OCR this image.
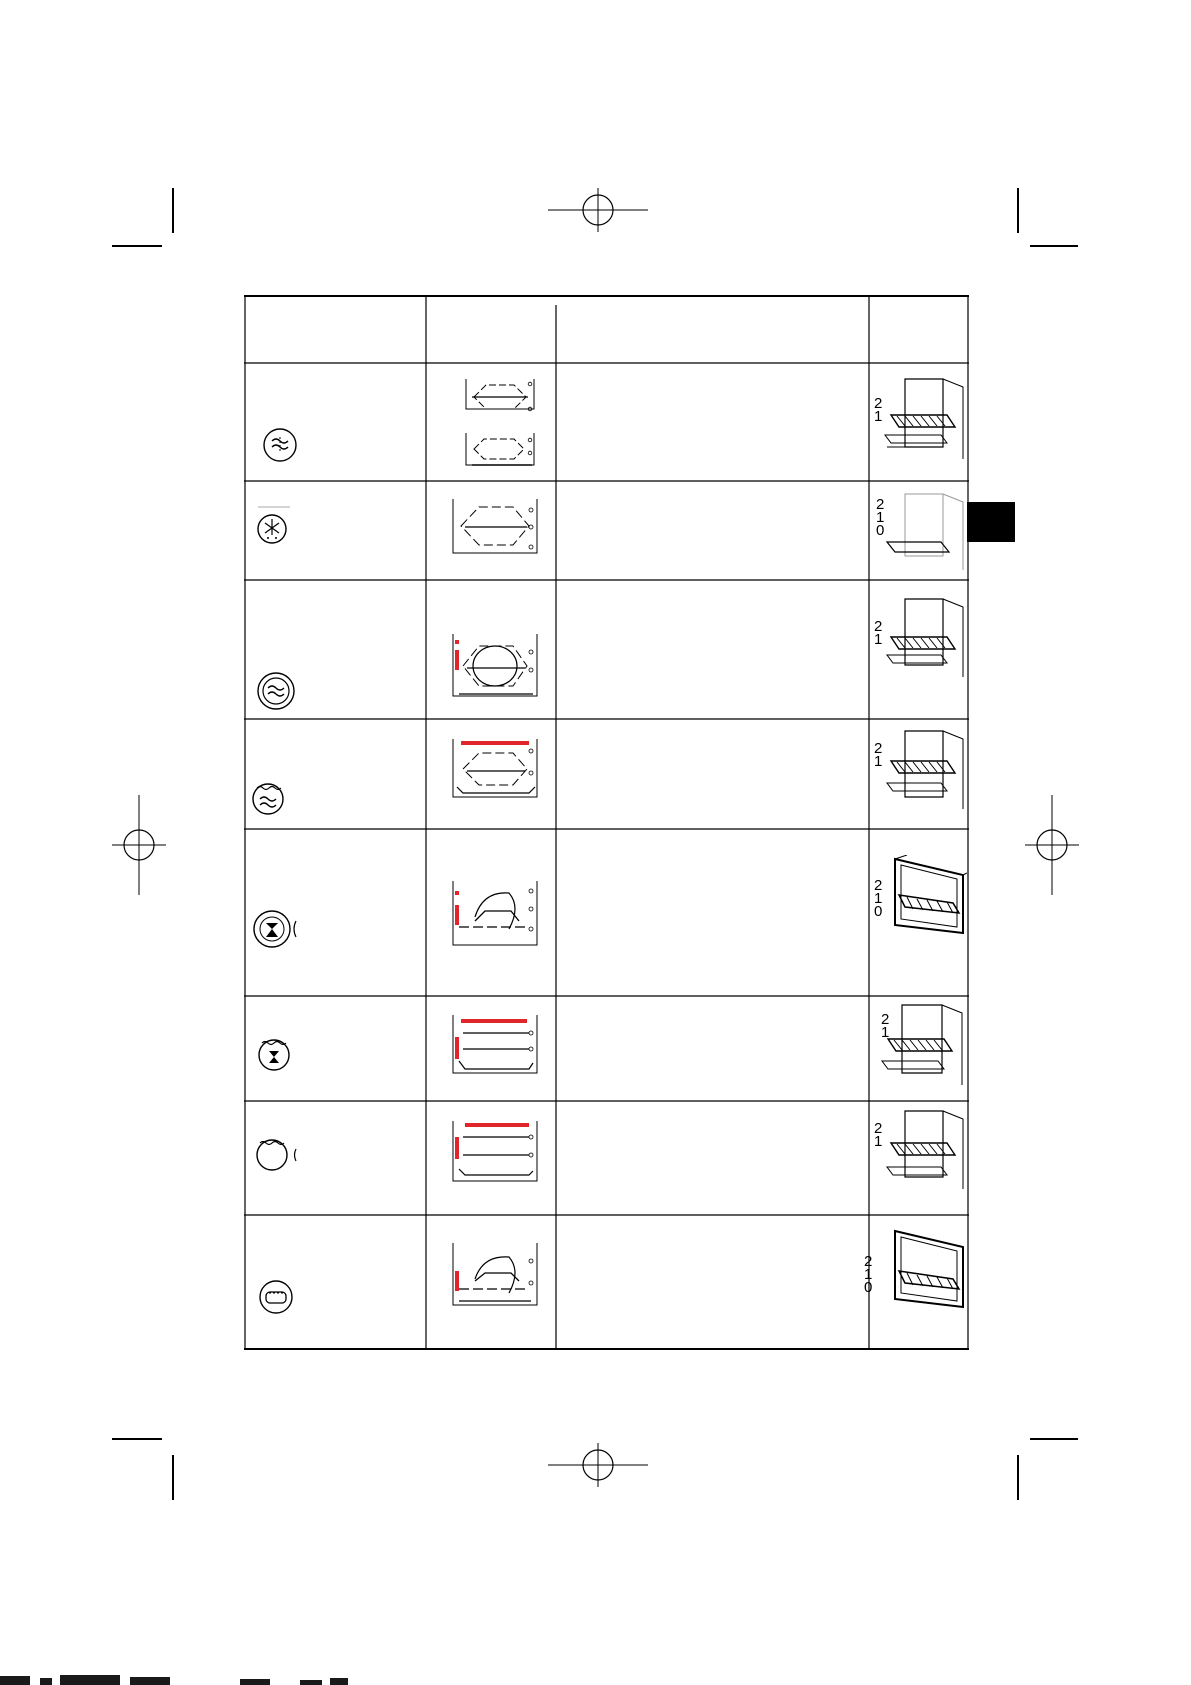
2
1
2
1
0
2
1
2
1
2
1
0
2
1
2
1
2
1
0
